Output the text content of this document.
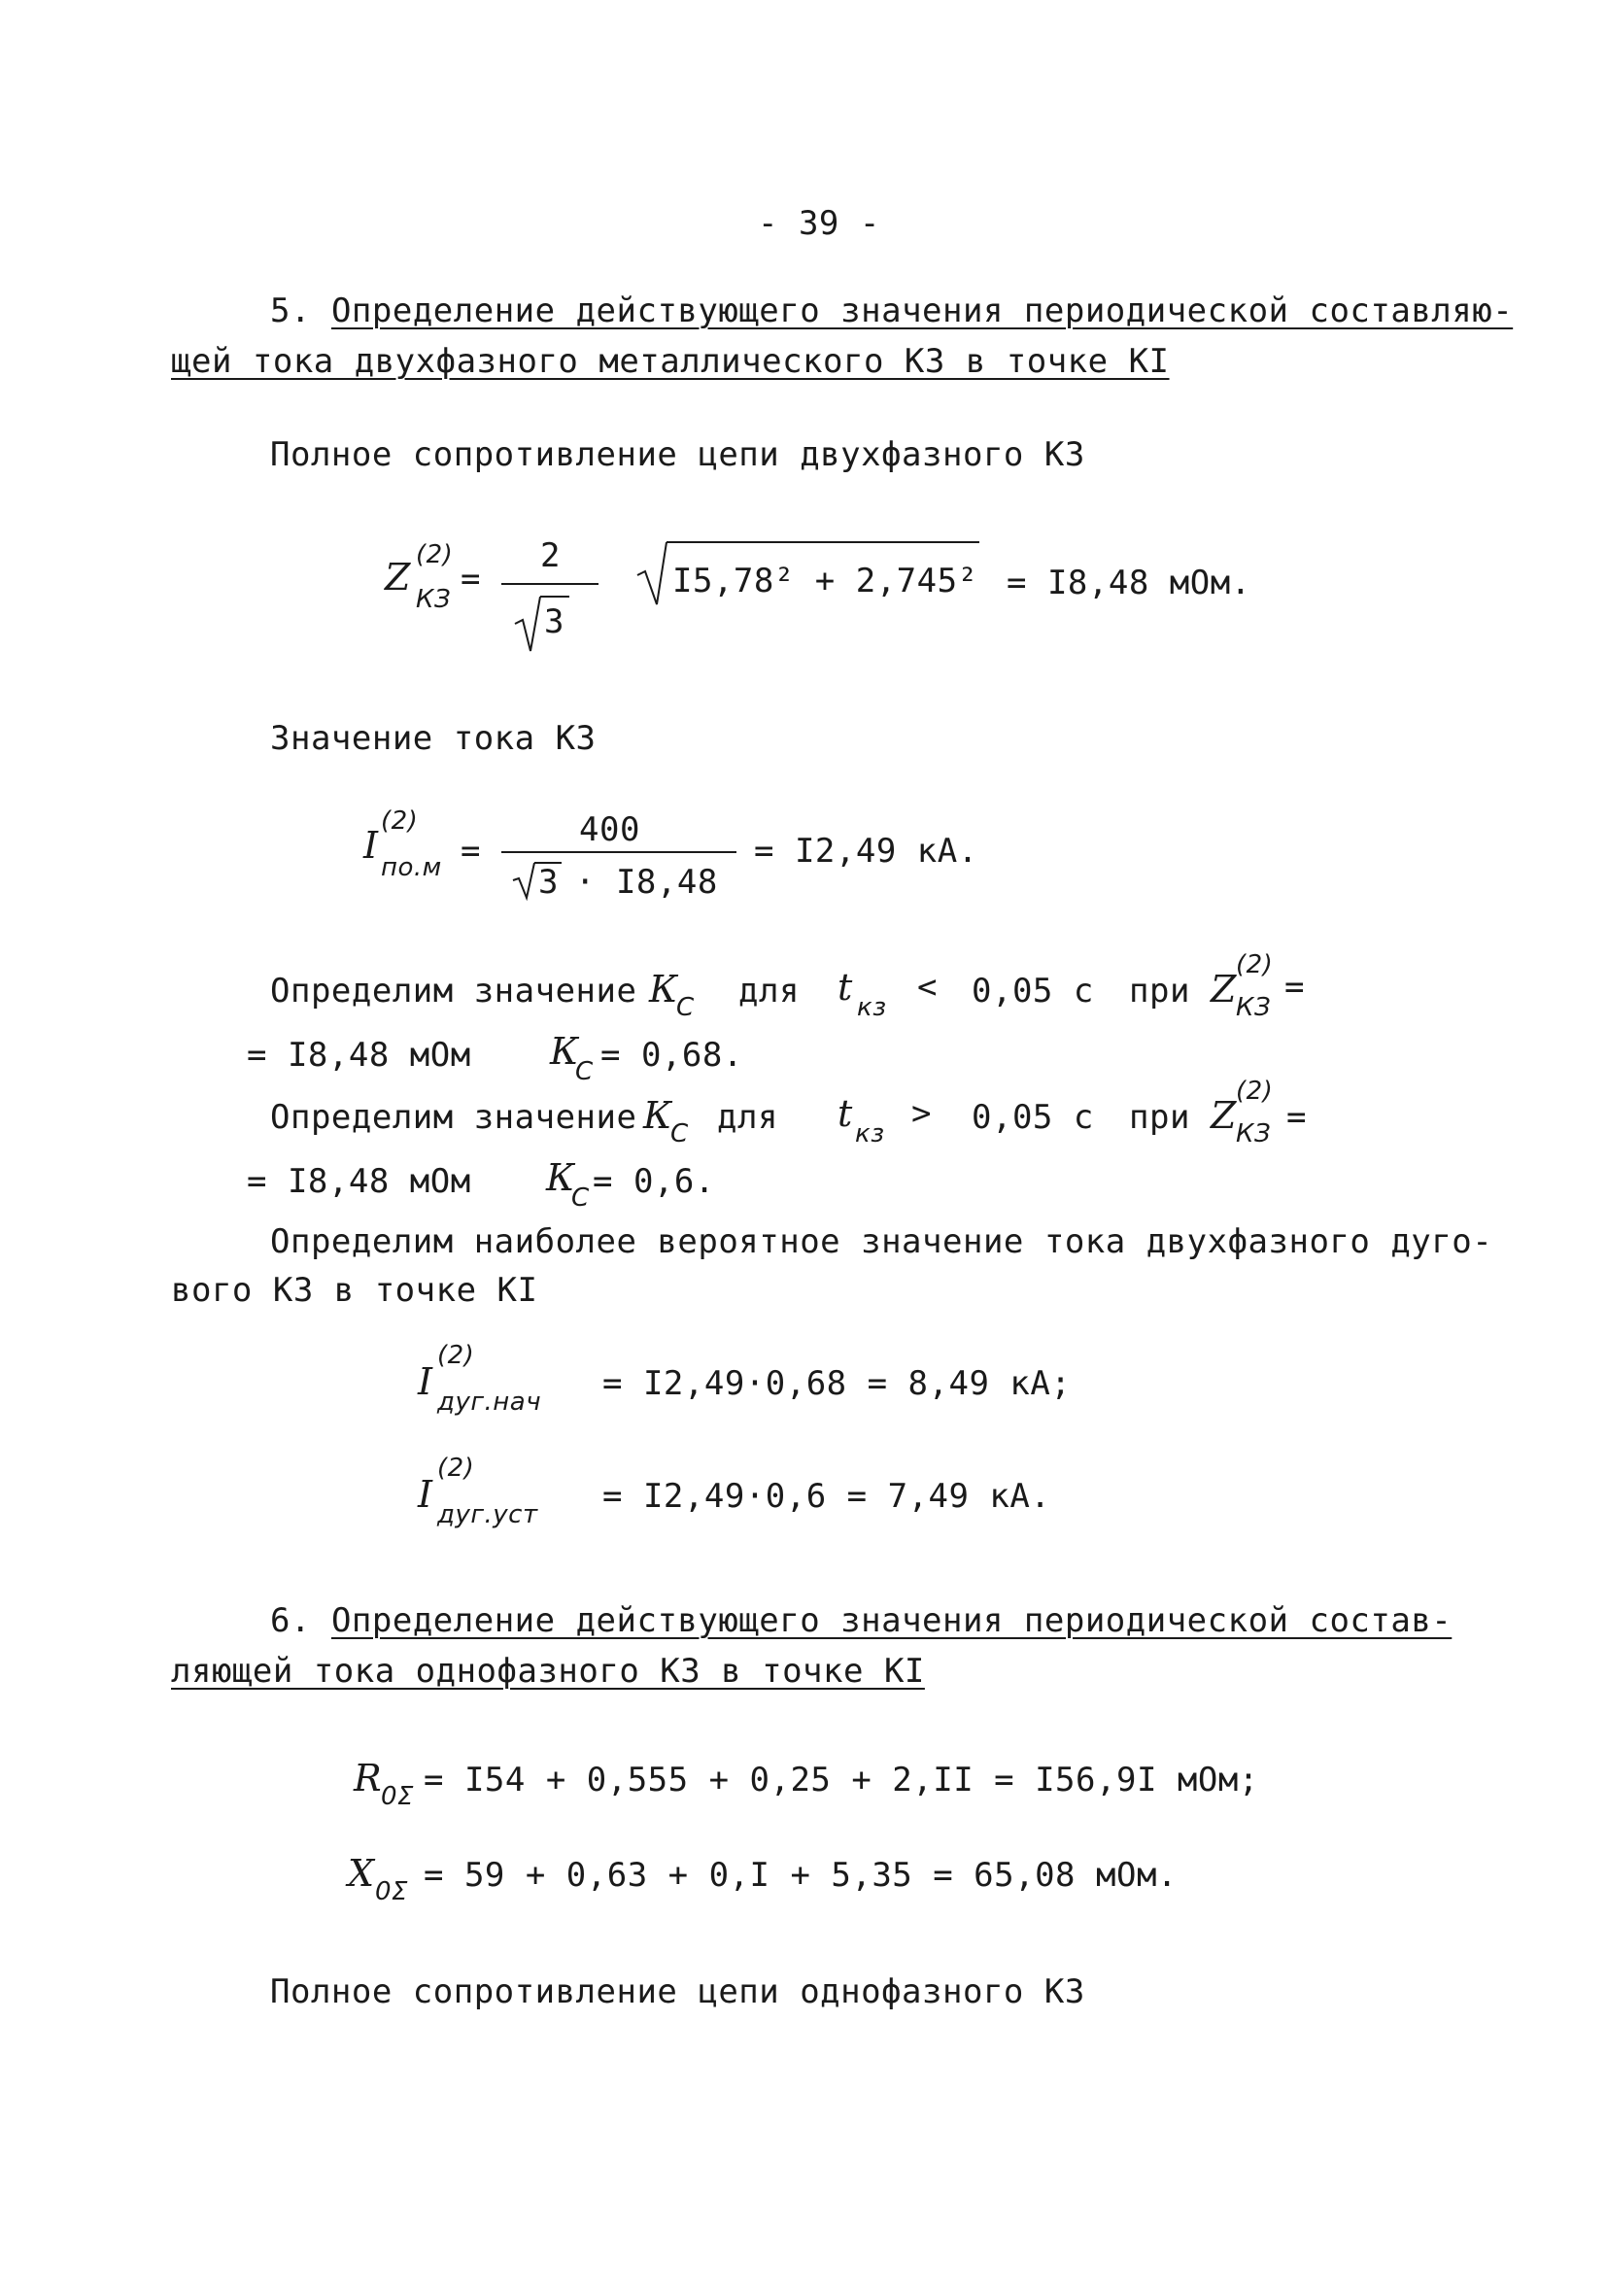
- 39 -
5. Определение действующего значения периодической составляю-
щей тока двухфазного металлического КЗ в точке КI
Полное сопротивление цепи двухфазного КЗ
Z
(2)
КЗ
=
2
3
I5,78² + 2,745² = I8,48 мОм.
Значение тока КЗ
I
(2)
по.м =
400
3 · I8,48
= I2,49 кА.
Определим значение К
С для t кз
< 0,05 с при Z
(2)
КЗ
=
= I8,48 мОм К
С = 0,68.
Определим значение К
С для t кз
> 0,05 с при Z
(2)
КЗ =
= I8,48 мОм К
С = 0,6.
Определим наиболее вероятное значение тока двухфазного дуго-
вого КЗ в точке КI
I
(2)
дуг.нач = I2,49·0,68 = 8,49 кА;
I
(2)
дуг.уст = I2,49·0,6 = 7,49 кА.
6. Определение действующего значения периодической состав-
ляющей тока однофазного КЗ в точке КI
R
0Σ = I54 + 0,555 + 0,25 + 2,II = I56,9I мОм;
X 0Σ = 59 + 0,63 + 0,I + 5,35 = 65,08 мОм.
Полное сопротивление цепи однофазного КЗ
